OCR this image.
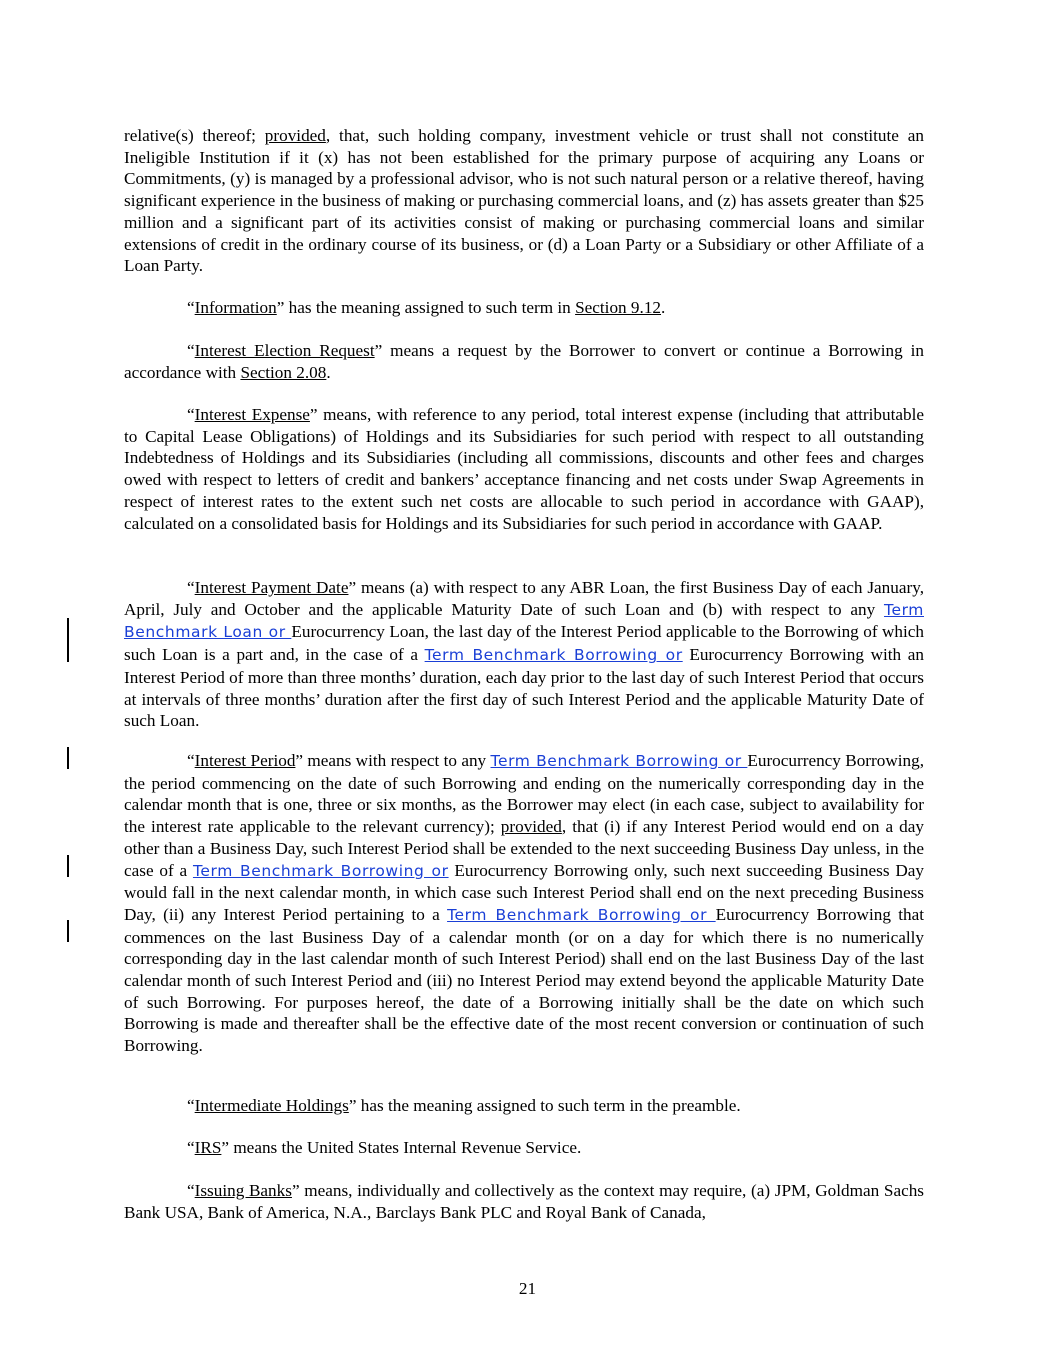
relative(s) thereof; provided, that, such holding company, investment vehicle or trust shall not constitute an Ineligible Institution if it (x) has not been established for the primary purpose of acquiring any Loans or Commitments, (y) is managed by a professional advisor, who is not such natural person or a relative thereof, having significant experience in the business of making or purchasing commercial loans, and (z) has assets greater than $25 million and a significant part of its activities consist of making or purchasing commercial loans and similar extensions of credit in the ordinary course of its business, or (d) a Loan Party or a Subsidiary or other Affiliate of a Loan Party.

“Information” has the meaning assigned to such term in Section 9.12.

“Interest Election Request” means a request by the Borrower to convert or continue a Borrowing in accordance with Section 2.08.

“Interest Expense” means, with reference to any period, total interest expense (including that attributable to Capital Lease Obligations) of Holdings and its Subsidiaries for such period with respect to all outstanding Indebtedness of Holdings and its Subsidiaries (including all commissions, discounts and other fees and charges owed with respect to letters of credit and bankers’ acceptance financing and net costs under Swap Agreements in respect of interest rates to the extent such net costs are allocable to such period in accordance with GAAP), calculated on a consolidated basis for Holdings and its Subsidiaries for such period in accordance with GAAP.

“Interest Payment Date” means (a) with respect to any ABR Loan, the first Business Day of each January, April, July and October and the applicable Maturity Date of such Loan and (b) with respect to any Term Benchmark Loan or Eurocurrency Loan, the last day of the Interest Period applicable to the Borrowing of which such Loan is a part and, in the case of a Term Benchmark Borrowing or Eurocurrency Borrowing with an Interest Period of more than three months’ duration, each day prior to the last day of such Interest Period that occurs at intervals of three months’ duration after the first day of such Interest Period and the applicable Maturity Date of such Loan.

“Interest Period” means with respect to any Term Benchmark Borrowing or Eurocurrency Borrowing, the period commencing on the date of such Borrowing and ending on the numerically corresponding day in the calendar month that is one, three or six months, as the Borrower may elect (in each case, subject to availability for the interest rate applicable to the relevant currency); provided, that (i) if any Interest Period would end on a day other than a Business Day, such Interest Period shall be extended to the next succeeding Business Day unless, in the case of a Term Benchmark Borrowing or Eurocurrency Borrowing only, such next succeeding Business Day would fall in the next calendar month, in which case such Interest Period shall end on the next preceding Business Day, (ii) any Interest Period pertaining to a Term Benchmark Borrowing or Eurocurrency Borrowing that commences on the last Business Day of a calendar month (or on a day for which there is no numerically corresponding day in the last calendar month of such Interest Period) shall end on the last Business Day of the last calendar month of such Interest Period and (iii) no Interest Period may extend beyond the applicable Maturity Date of such Borrowing. For purposes hereof, the date of a Borrowing initially shall be the date on which such Borrowing is made and thereafter shall be the effective date of the most recent conversion or continuation of such Borrowing.

“Intermediate Holdings” has the meaning assigned to such term in the preamble.

“IRS” means the United States Internal Revenue Service.

“Issuing Banks” means, individually and collectively as the context may require, (a) JPM, Goldman Sachs Bank USA, Bank of America, N.A., Barclays Bank PLC and Royal Bank of Canada,

21
